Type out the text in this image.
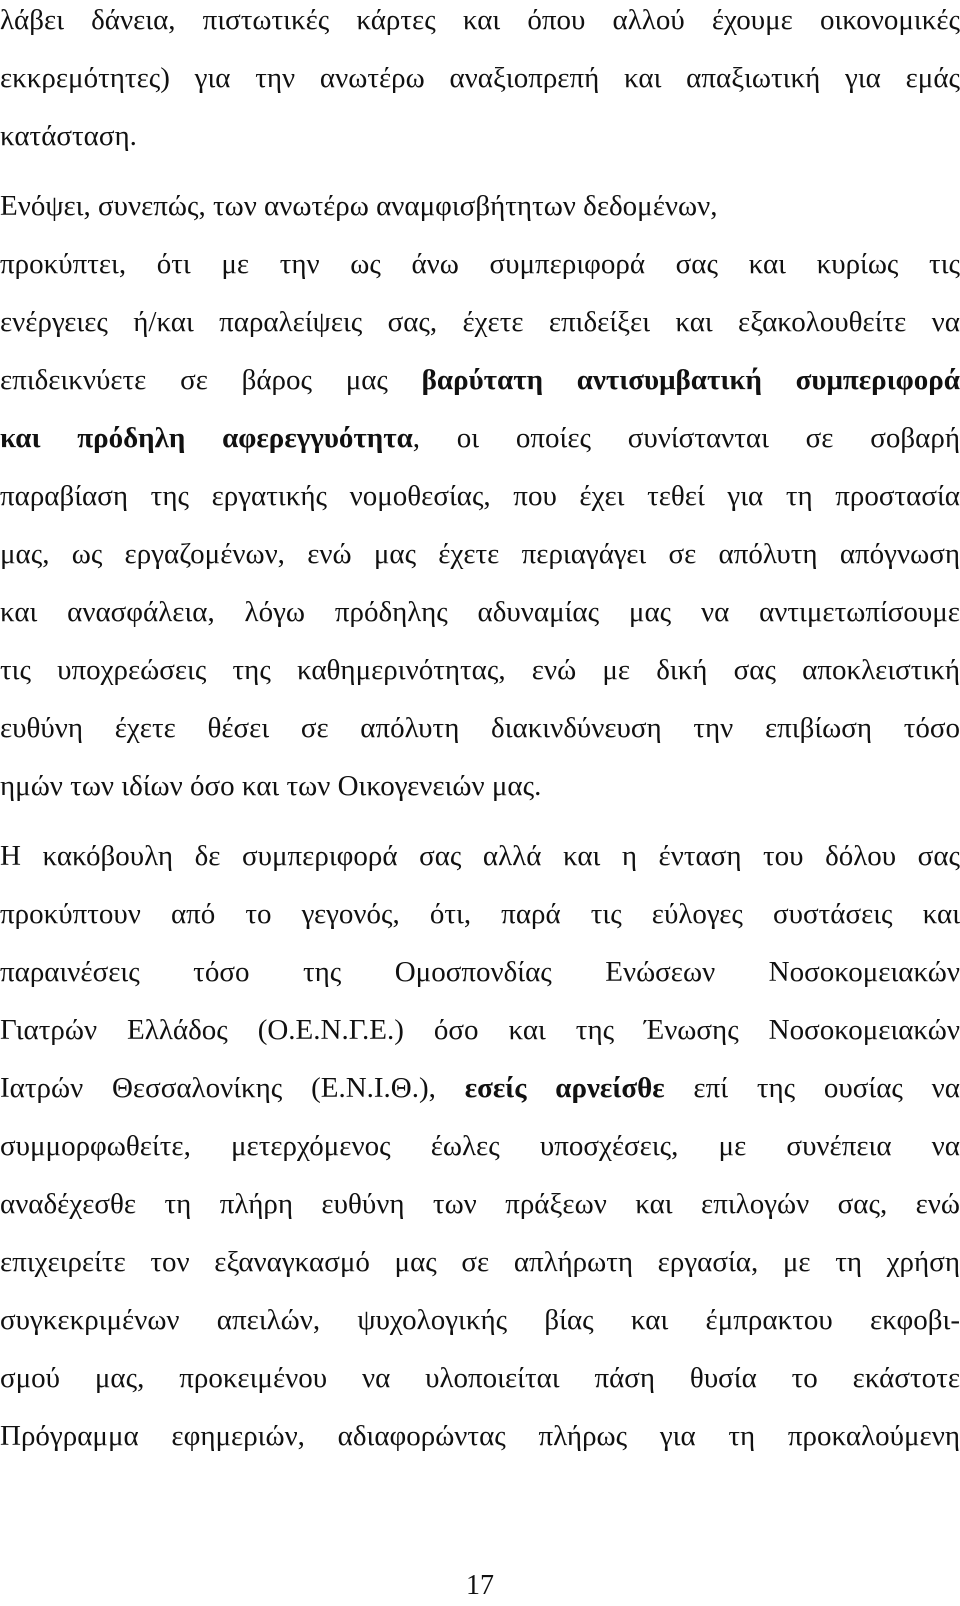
λάβει δάνεια, πιστωτικές κάρτες και όπου αλλού έχουμε οικονομικές
εκκρεμότητες) για την ανωτέρω αναξιοπρεπή και απαξιωτική για εμάς
κατάσταση.
Ενόψει, συνεπώς, των ανωτέρω αναμφισβήτητων δεδομένων,
προκύπτει, ότι με την ως άνω συμπεριφορά σας και κυρίως τις
ενέργειες ή/και παραλείψεις σας, έχετε επιδείξει και εξακολουθείτε να
επιδεικνύετε σε βάρος μας βαρύτατη αντισυμβατική συμπεριφορά
και πρόδηλη αφερεγγυότητα, οι οποίες συνίστανται σε σοβαρή
παραβίαση της εργατικής νομοθεσίας, που έχει τεθεί για τη προστασία
μας, ως εργαζομένων, ενώ μας έχετε περιαγάγει σε απόλυτη απόγνωση
και ανασφάλεια, λόγω πρόδηλης αδυναμίας μας να αντιμετωπίσουμε
τις υποχρεώσεις της καθημερινότητας, ενώ με δική σας αποκλειστική
ευθύνη έχετε θέσει σε απόλυτη διακινδύνευση την επιβίωση τόσο
ημών των ιδίων όσο και των Οικογενειών μας.
Η κακόβουλη δε συμπεριφορά σας αλλά και η ένταση του δόλου σας
προκύπτουν από το γεγονός, ότι, παρά τις εύλογες συστάσεις και
παραινέσεις τόσο της Ομοσπονδίας Ενώσεων Νοσοκομειακών
Γιατρών Ελλάδος (Ο.Ε.Ν.Γ.Ε.) όσο και της Ένωσης Νοσοκομειακών
Ιατρών Θεσσαλονίκης (Ε.Ν.Ι.Θ.), εσείς αρνείσθε επί της ουσίας να
συμμορφωθείτε, μετερχόμενος έωλες υποσχέσεις, με συνέπεια να
αναδέχεσθε τη πλήρη ευθύνη των πράξεων και επιλογών σας, ενώ
επιχειρείτε τον εξαναγκασμό μας σε απλήρωτη εργασία, με τη χρήση
συγκεκριμένων απειλών, ψυχολογικής βίας και έμπρακτου εκφοβι-
σμού μας, προκειμένου να υλοποιείται πάση θυσία το εκάστοτε
Πρόγραμμα εφημεριών, αδιαφορώντας πλήρως για τη προκαλούμενη
17
